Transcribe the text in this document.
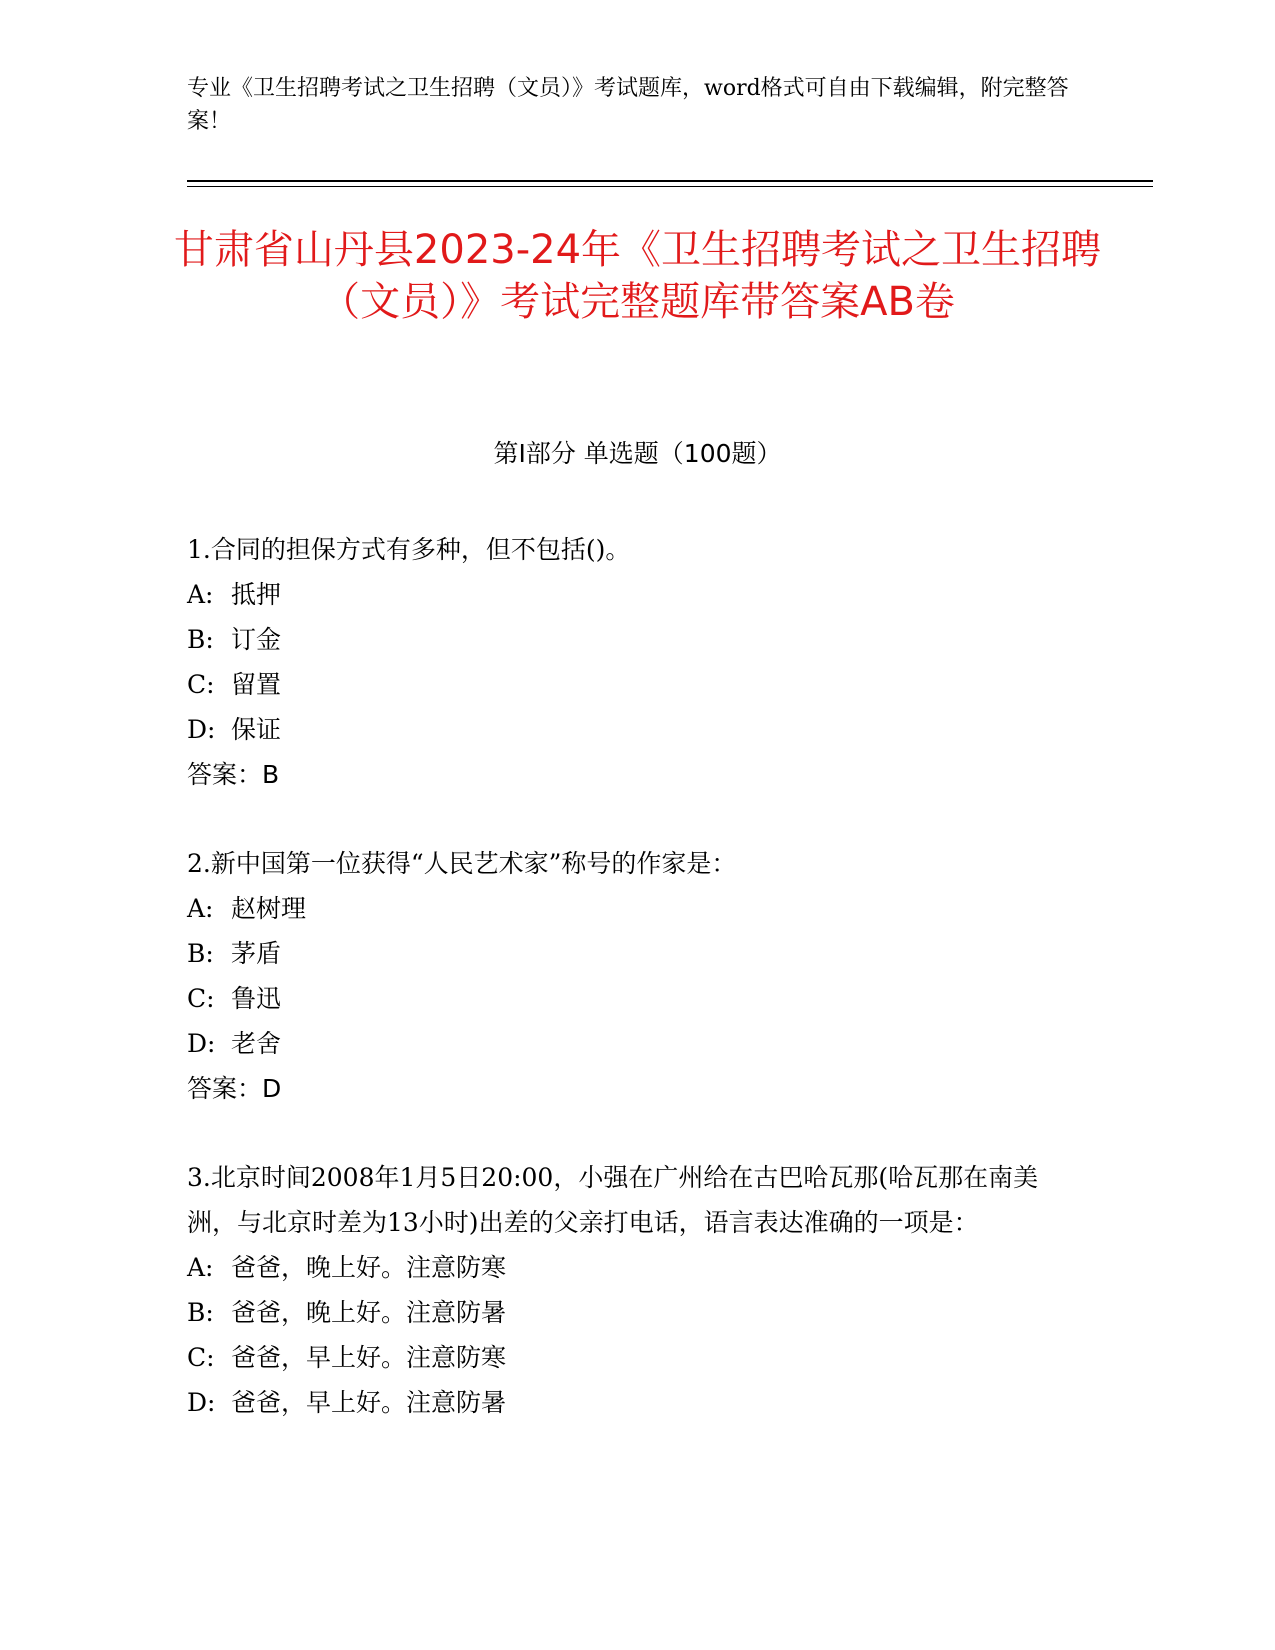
专业《卫生招聘考试之卫生招聘（文员）》考试题库，word格式可自由下载编辑，附完整答案！
甘肃省山丹县2023-24年《卫生招聘考试之卫生招聘（文员）》考试完整题库带答案AB卷
第I部分 单选题（100题）

1.合同的担保方式有多种，但不包括()。

A: 抵押

B: 订金

C: 留置

D: 保证

答案：B

2.新中国第一位获得“人民艺术家”称号的作家是：

A: 赵树理

B: 茅盾

C: 鲁迅

D: 老舍

答案：D

3.北京时间2008年1月5日20:00，小强在广州给在古巴哈瓦那(哈瓦那在南美洲，与北京时差为13小时)出差的父亲打电话，语言表达准确的一项是：

A: 爸爸，晚上好。注意防寒

B: 爸爸，晚上好。注意防暑

C: 爸爸，早上好。注意防寒

D: 爸爸，早上好。注意防暑
